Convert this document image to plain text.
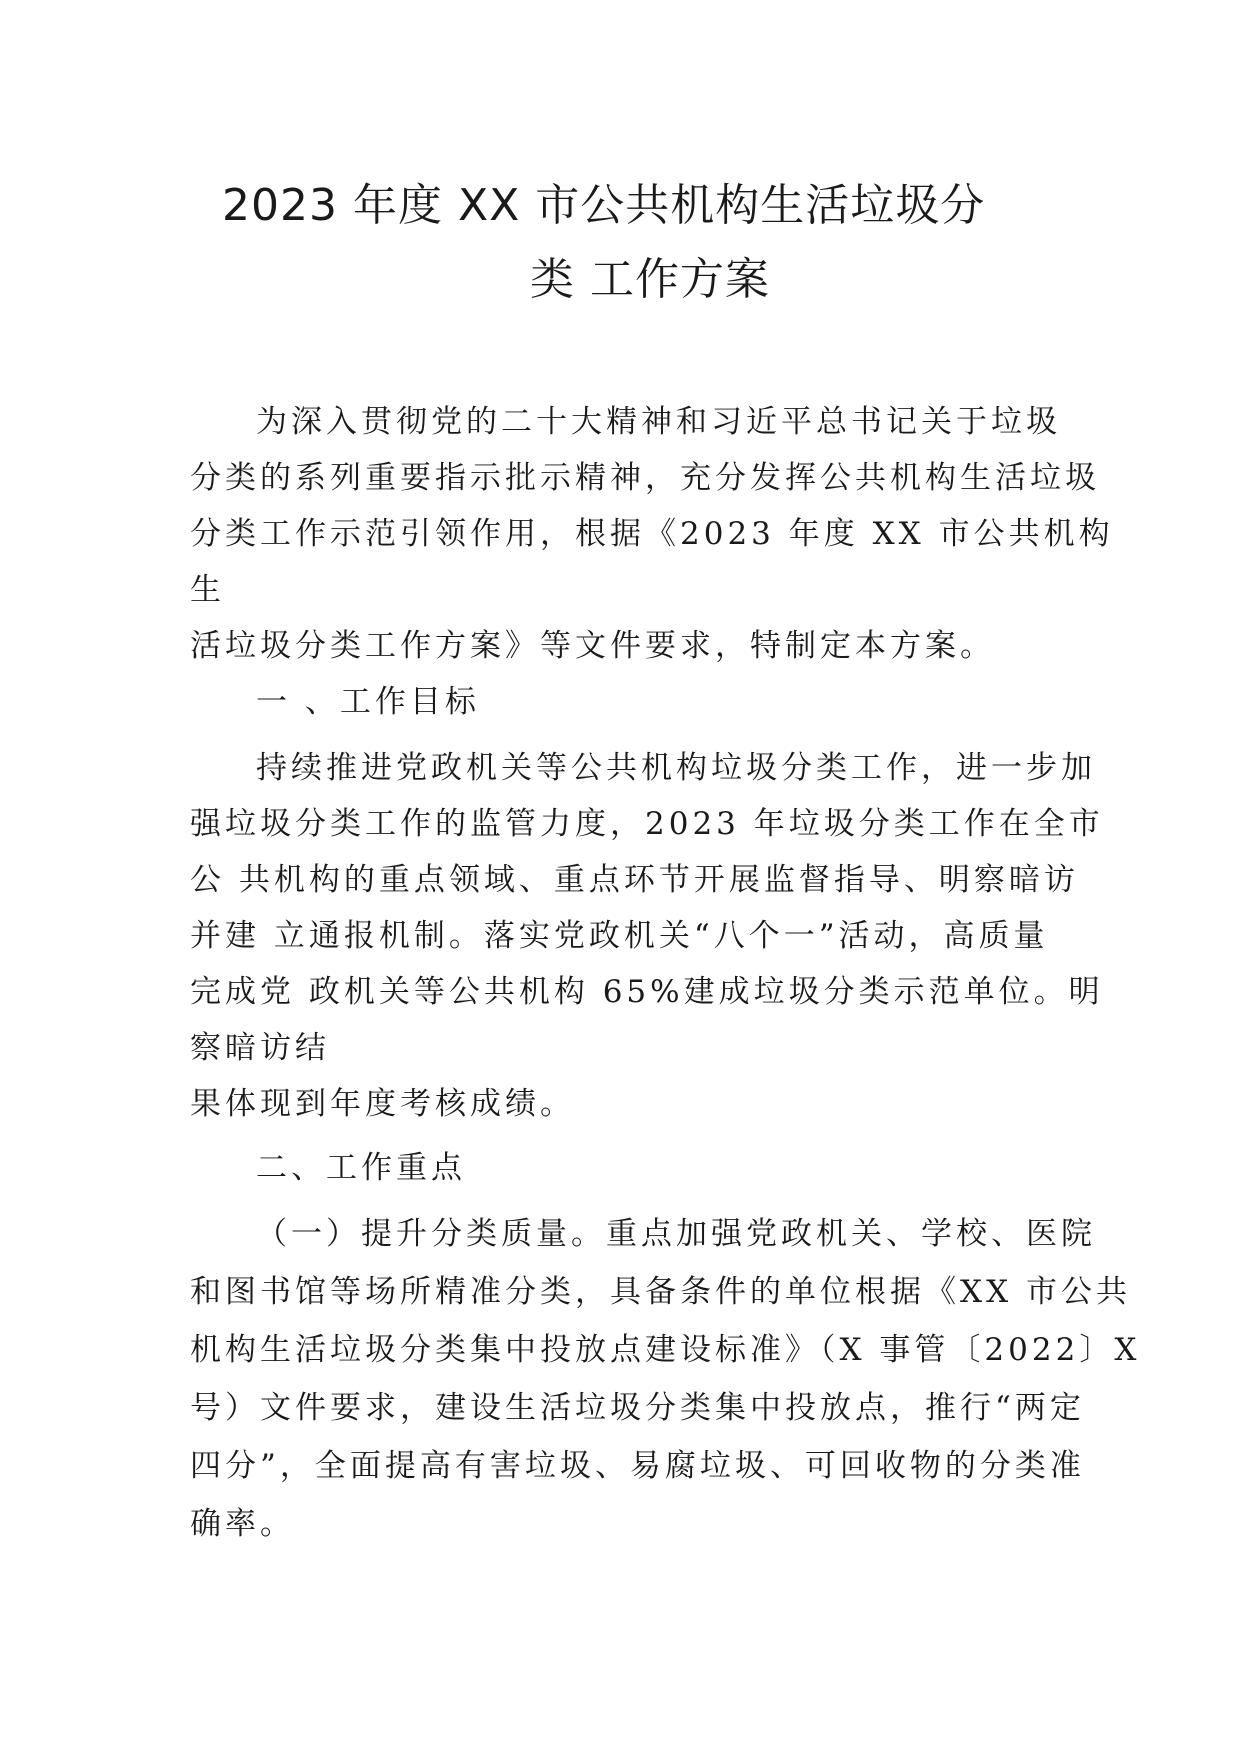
2023 年度 XX 市公共机构生活垃圾分
类 工作方案

为深入贯彻党的二十大精神和习近平总书记关于垃圾

分类的系列重要指示批示精神，充分发挥公共机构生活垃圾

分类工作示范引领作用，根据《2023 年度 XX 市公共机构

生

活垃圾分类工作方案》等文件要求，特制定本方案。

一 、工作目标

持续推进党政机关等公共机构垃圾分类工作，进一步加

强垃圾分类工作的监管力度，2023 年垃圾分类工作在全市

公 共机构的重点领域、重点环节开展监督指导、明察暗访

并建 立通报机制。落实党政机关“八个一”活动，高质量

完成党 政机关等公共机构 65%建成垃圾分类示范单位。明

察暗访结

果体现到年度考核成绩。

二、工作重点

（一）提升分类质量。重点加强党政机关、学校、医院

和图书馆等场所精准分类，具备条件的单位根据《XX 市公共

机构生活垃圾分类集中投放点建设标准》（X 事管〔2022〕X

号）文件要求，建设生活垃圾分类集中投放点，推行“两定

四分”，全面提高有害垃圾、易腐垃圾、可回收物的分类准

确率。
